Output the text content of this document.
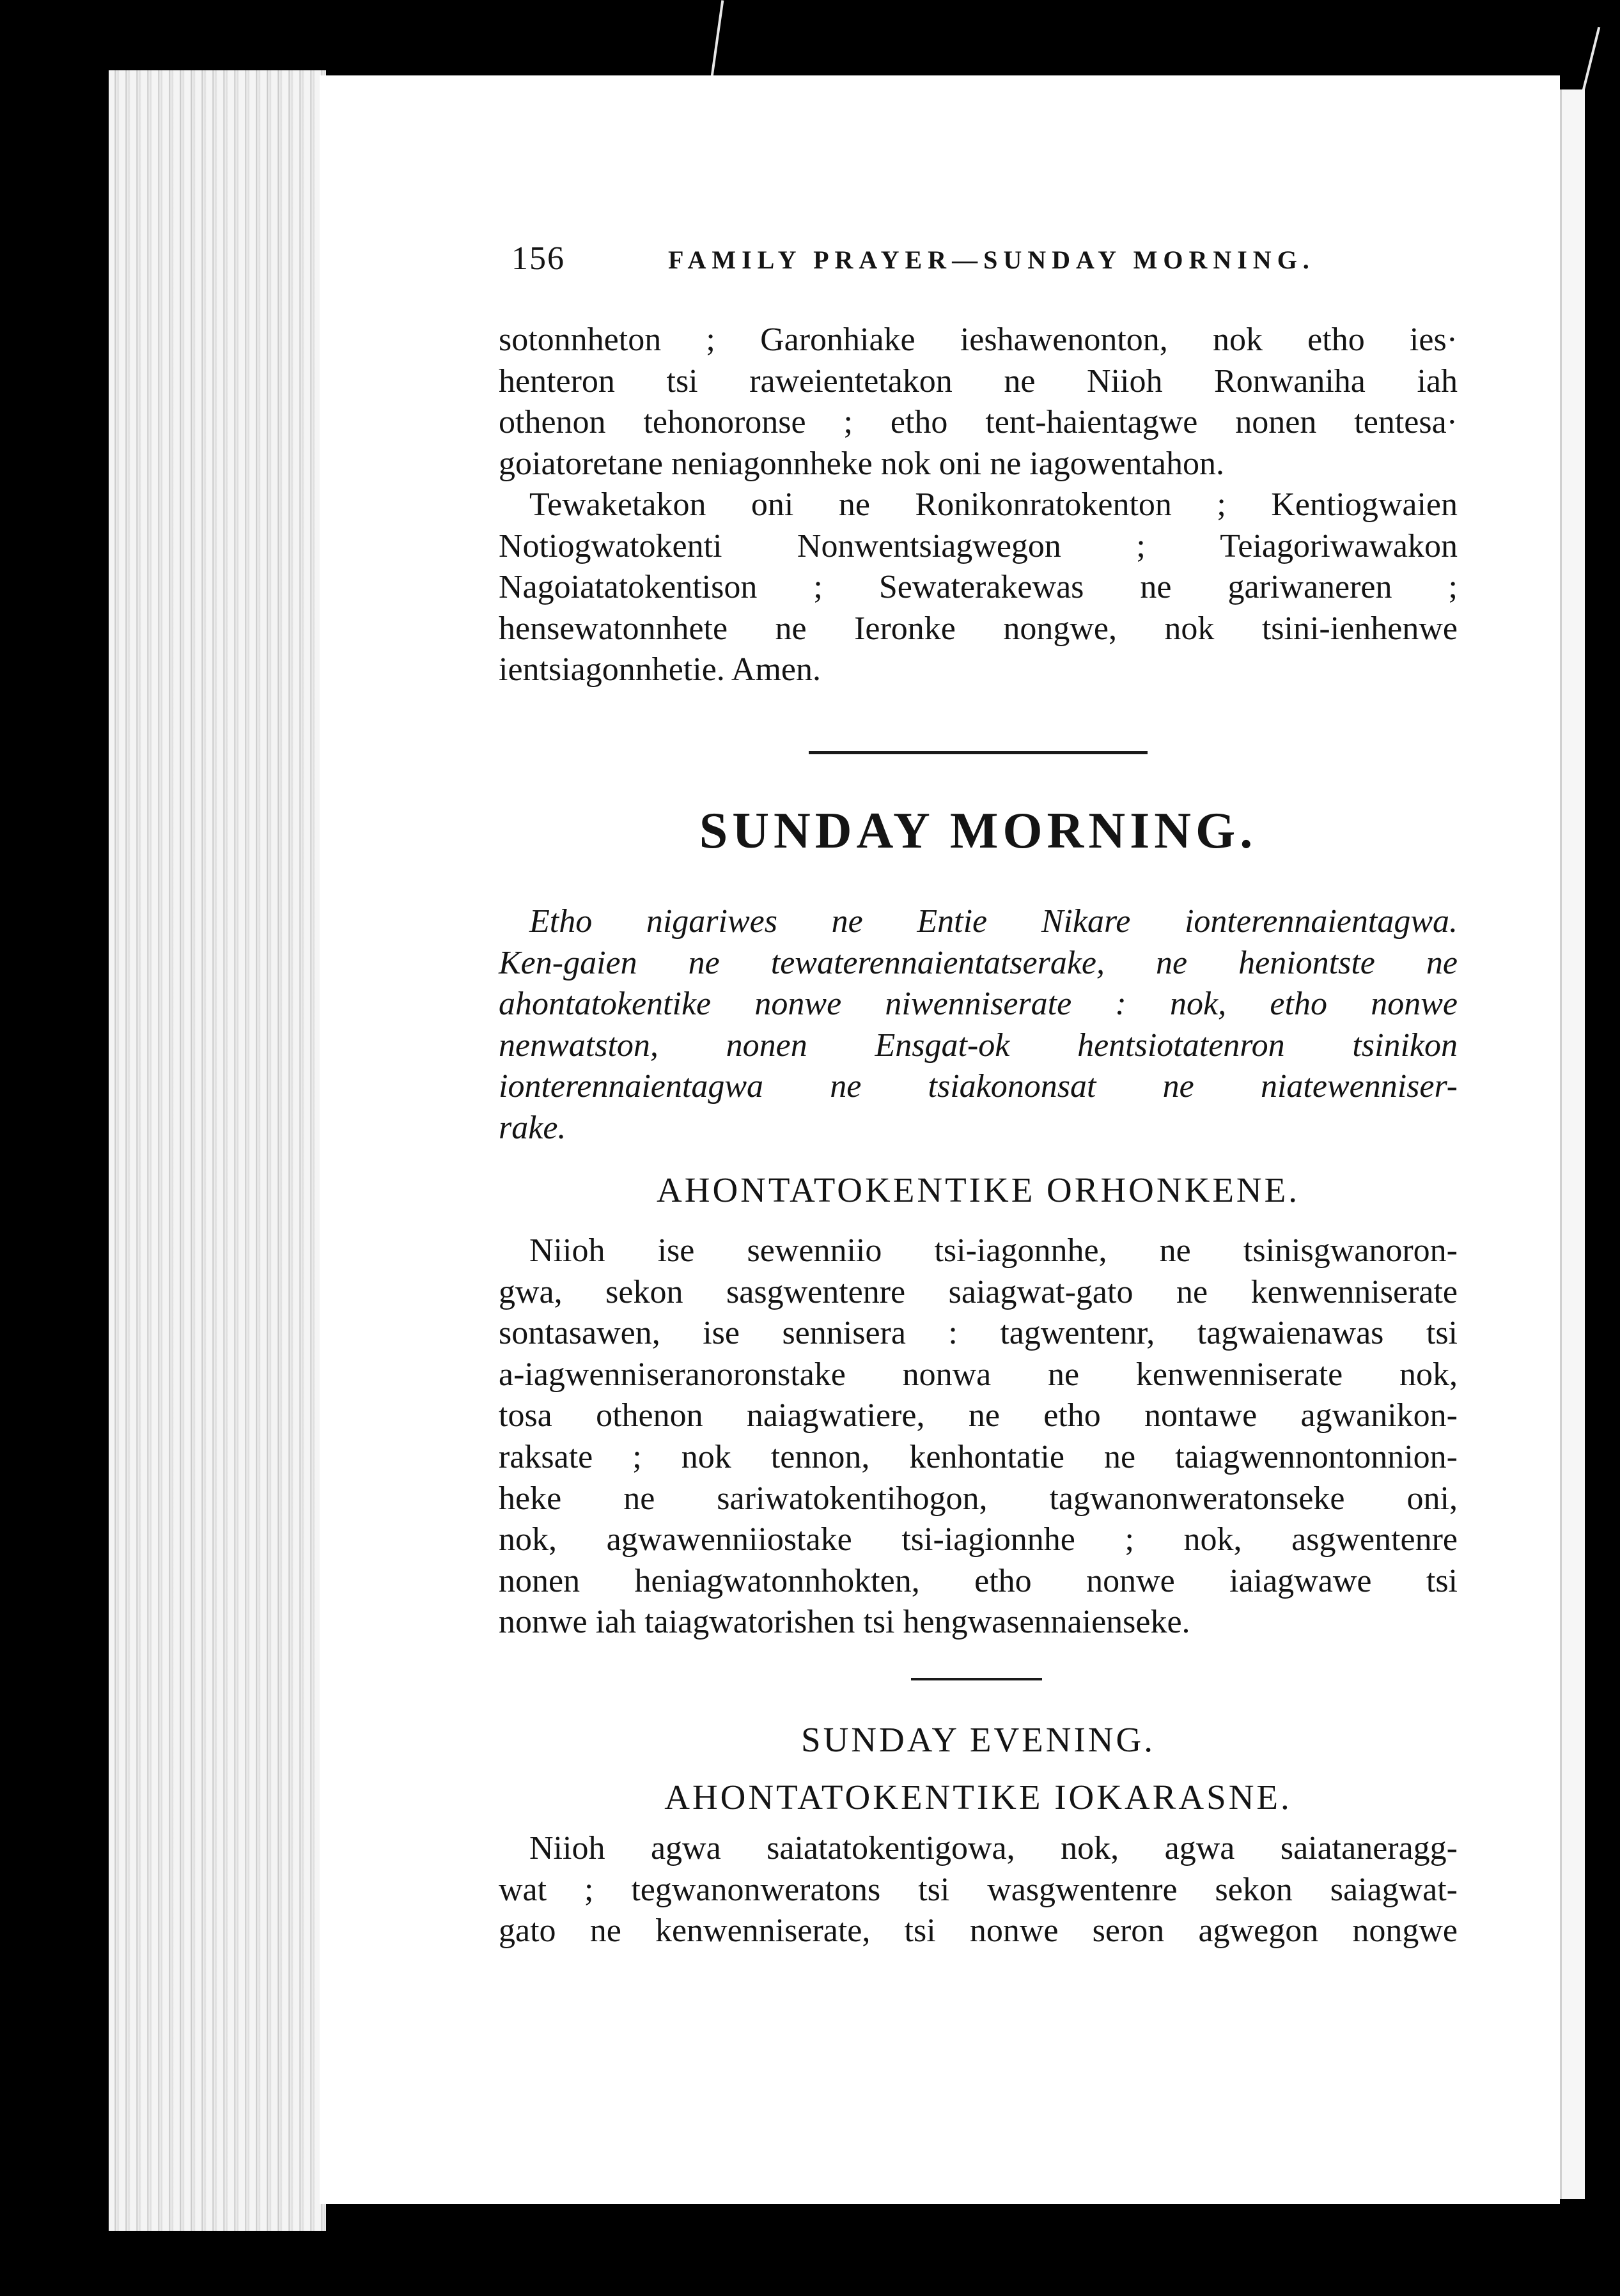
156	FAMILY PRAYER—SUNDAY MORNING.
sotonnheton ; Garonhiake ieshawenonton, nok etho ies·
henteron tsi raweientetakon ne Niioh Ronwaniha iah
othenon tehonoronse ; etho tent-haientagwe nonen tentesa·
goiatoretane neniagonnheke nok oni ne iagowentahon.
Tewaketakon oni ne Ronikonratokenton ; Kentiogwaien
Notiogwatokenti Nonwentsiagwegon ; Teiagoriwawakon
Nagoiatatokentison ; Sewaterakewas ne gariwaneren ;
hensewatonnhete ne Ieronke nongwe, nok tsini-ienhenwe
ientsiagonnhetie. Amen.
SUNDAY MORNING.
Etho nigariwes ne Entie Nikare ionterennaientagwa.
Ken-gaien ne tewaterennaientatserake, ne heniontste ne
ahontatokentike nonwe niwenniserate : nok, etho nonwe
nenwatston, nonen Ensgat-ok hentsiotatenron tsinikon
ionterennaientagwa ne tsiakononsat ne niatewenniser-
rake.
AHONTATOKENTIKE ORHONKENE.
Niioh ise sewenniio tsi-iagonnhe, ne tsinisgwanoron-
gwa, sekon sasgwentenre saiagwat-gato ne kenwenniserate
sontasawen, ise sennisera : tagwentenr, tagwaienawas tsi
a-iagwenniseranoronstake nonwa ne kenwenniserate nok,
tosa othenon naiagwatiere, ne etho nontawe agwanikon-
raksate ; nok tennon, kenhontatie ne taiagwennontonnion-
heke ne sariwatokentihogon, tagwanonweratonseke oni,
nok, agwawenniiostake tsi-iagionnhe ; nok, asgwentenre
nonen heniagwatonnhokten, etho nonwe iaiagwawe tsi
nonwe iah taiagwatorishen tsi hengwasennaienseke.
SUNDAY EVENING.
AHONTATOKENTIKE IOKARASNE.
Niioh agwa saiatatokentigowa, nok, agwa saiataneragg-
wat ; tegwanonweratons tsi wasgwentenre sekon saiagwat-
gato ne kenwenniserate, tsi nonwe seron agwegon nongwe
